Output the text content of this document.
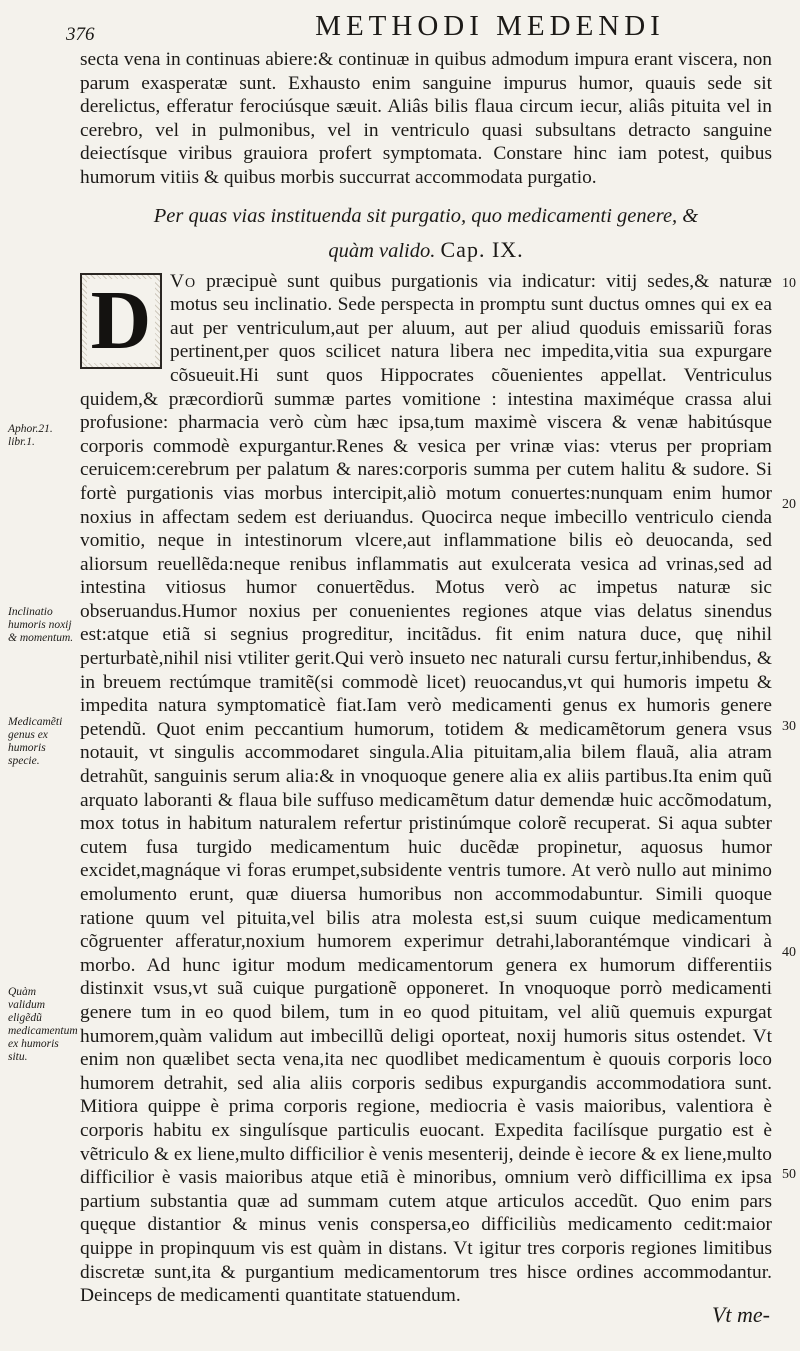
376	METHODI MEDENDI

secta vena in continuas abiere:& continuæ in quibus admodum impura erant viscera, non parum exasperatæ sunt. Exhausto enim sanguine impurus humor, quauis sede sit derelictus, efferatur ferociúsque sæuit. Aliâs bilis flaua circum iecur, aliâs pituita vel in cerebro, vel in pulmonibus, vel in ventriculo quasi subsultans detracto sanguine deiectísque viribus grauiora profert symptomata. Constare hinc iam potest, quibus humorum vitiis & quibus morbis succurrat accommodata purgatio.

Per quas vias instituenda sit purgatio, quo medicamenti genere, &
quàm valido. Cap. IX.
D Vo præcipuè sunt quibus purgationis via indicatur: vitij sedes,& naturæ motus seu inclinatio. Sede perspecta in promptu sunt ductus omnes qui ex ea aut per ventriculum,aut per aluum, aut per aliud quoduis emissariũ foras pertinent,per quos scilicet natura libera nec impedita,vitia sua expurgare cõsueuit.Hi sunt quos Hippocrates cõuenientes appellat. Ventriculus quidem,& præcordiorũ summæ partes vomitione : intestina maximéque crassa alui profusione: pharmacia verò cùm hæc ipsa,tum maximè viscera & venæ habitúsque corporis commodè expurgantur.Renes & vesica per vrinæ vias: vterus per propriam ceruicem:cerebrum per palatum & nares:corporis summa per cutem halitu & sudore. Si fortè purgationis vias morbus intercipit,aliò motum conuertes:nunquam enim humor noxius in affectam sedem est deriuandus. Quocirca neque imbecillo ventriculo cienda vomitio, neque in intestinorum vlcere,aut inflammatione bilis eò deuocanda, sed aliorsum reuellẽda:neque renibus inflammatis aut exulcerata vesica ad vrinas,sed ad intestina vitiosus humor conuertẽdus. Motus verò ac impetus naturæ sic obseruandus.Humor noxius per conuenientes regiones atque vias delatus sinendus est:atque etiã si segnius progreditur, incitãdus. fit enim natura duce, quę nihil perturbatè,nihil nisi vtiliter gerit.Qui verò insueto nec naturali cursu fertur,inhibendus, & in breuem rectúmque tramitẽ(si commodè licet) reuocandus,vt qui humoris impetu & impedita natura symptomaticè fiat.Iam verò medicamenti genus ex humoris genere petendũ. Quot enim peccantium humorum, totidem & medicamẽtorum genera vsus notauit, vt singulis accommodaret singula.Alia pituitam,alia bilem flauã, alia atram detrahũt, sanguinis serum alia:& in vnoquoque genere alia ex aliis partibus.Ita enim quũ arquato laboranti & flaua bile suffuso medicamẽtum datur demendæ huic accõmodatum, mox totus in habitum naturalem refertur pristinúmque colorẽ recuperat. Si aqua subter cutem fusa turgido medicamentum huic ducẽdæ propinetur, aquosus humor excidet,magnáque vi foras erumpet,subsidente ventris tumore. At verò nullo aut minimo emolumento erunt, quæ diuersa humoribus non accommodabuntur. Simili quoque ratione quum vel pituita,vel bilis atra molesta est,si suum cuique medicamentum cõgruenter afferatur,noxium humorem experimur detrahi,laborantémque vindicari à morbo. Ad hunc igitur modum medicamentorum genera ex humorum differentiis distinxit vsus,vt suã cuique purgationẽ opponeret. In vnoquoque porrò medicamenti genere tum in eo quod bilem, tum in eo quod pituitam, vel aliũ quemuis expurgat humorem,quàm validum aut imbecillũ deligi oporteat, noxij humoris situs ostendet. Vt enim non quælibet secta vena,ita nec quodlibet medicamentum è quouis corporis loco humorem detrahit, sed alia aliis corporis sedibus expurgandis accommodatiora sunt. Mitiora quippe è prima corporis regione, mediocria è vasis maioribus, valentiora è corporis habitu ex singulísque particulis euocant. Expedita facilísque purgatio est è vẽtriculo & ex liene,multo difficilior è venis mesenterij, deinde è iecore & ex liene,multo difficilior è vasis maioribus atque etiã è minoribus, omnium verò difficillima ex ipsa partium substantia quæ ad summam cutem atque articulos accedũt. Quo enim pars quęque distantior & minus venis conspersa,eo difficiliùs medicamento cedit:maior quippe in propinquum vis est quàm in distans. Vt igitur tres corporis regiones limitibus discretæ sunt,ita & purgantium medicamentorum tres hisce ordines accommodantur. Deinceps de medicamenti quantitate statuendum.

Aphor.21. libr.1.
Inclinatio humoris noxij & momentum.
Medicamẽti genus ex humoris specie.
Quàm validum eligẽdũ medicamentum ex humoris situ.
10
20
30
40
50
Vt me-
